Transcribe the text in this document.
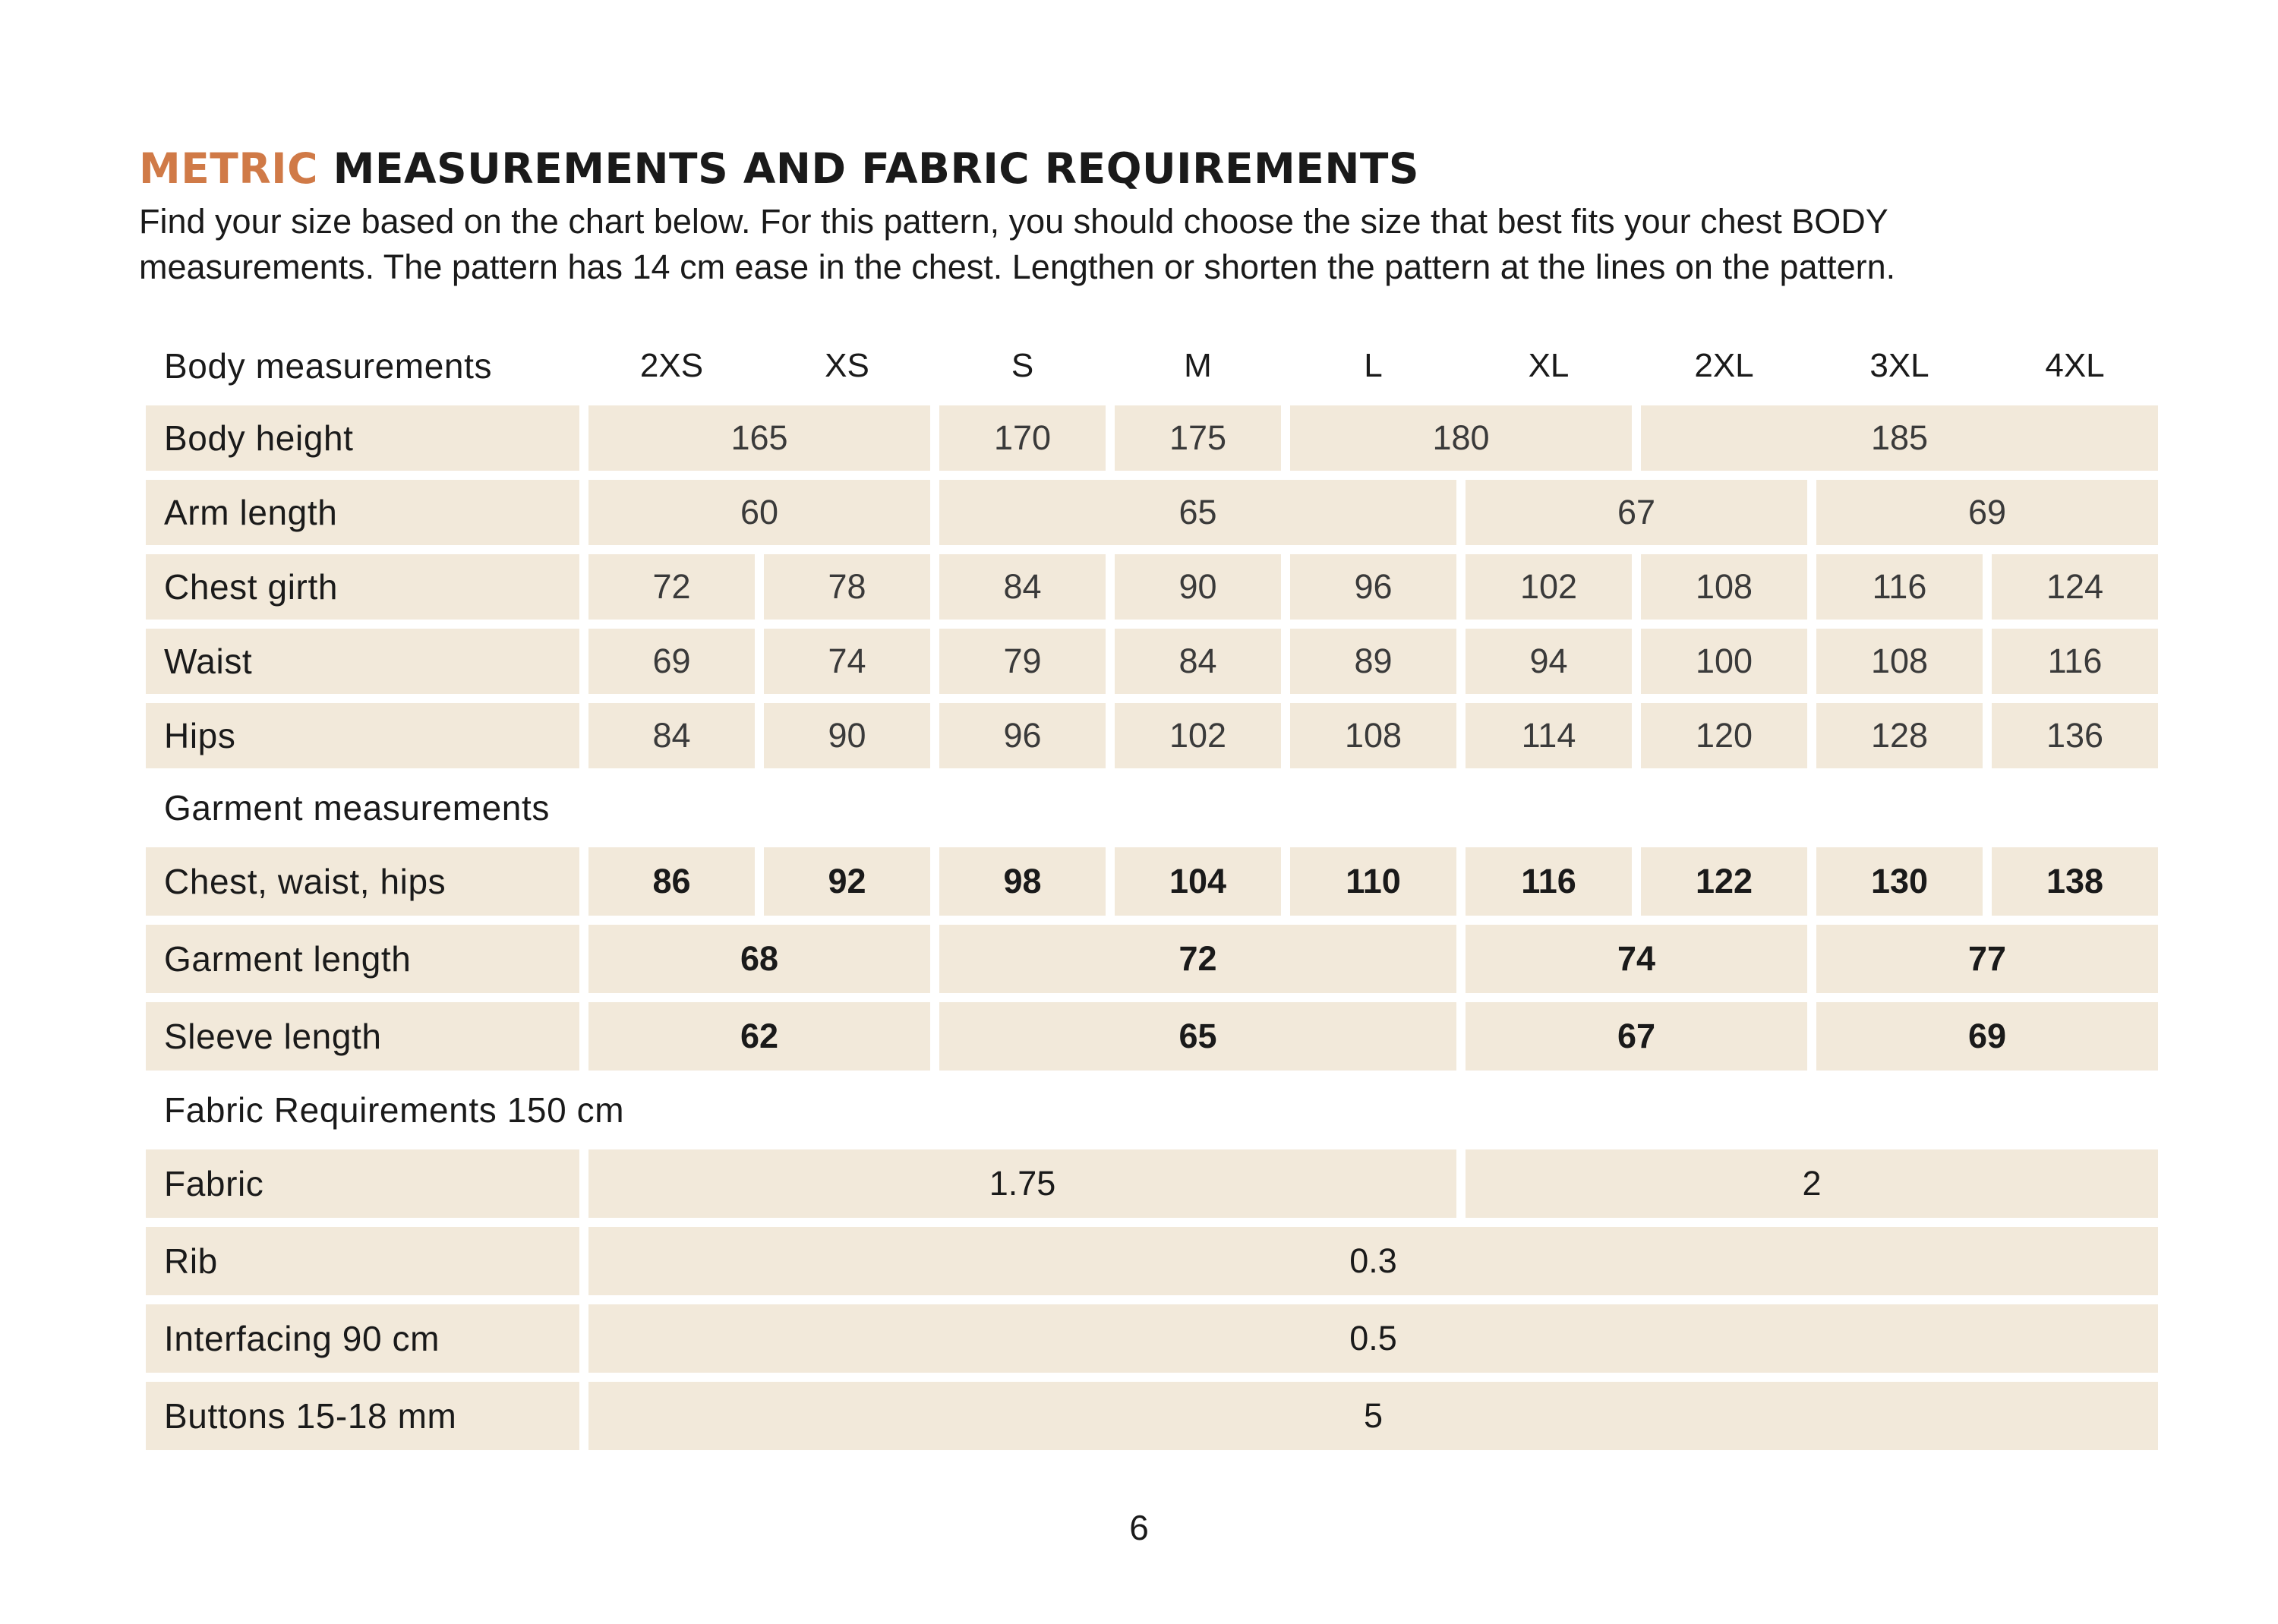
METRIC MEASUREMENTS AND FABRIC REQUIREMENTS

Find your size based on the chart below. For this pattern, you should choose the size that best fits your chest BODY
measurements. The pattern has 14 cm ease in the chest. Lengthen or shorten the pattern at the lines on the pattern.

Body measurements	2XS	XS	S	M	L	XL	2XL	3XL	4XL
Body height	165		170	175	180		185		
Arm length	60		65			67		69	
Chest girth	72	78	84	90	96	102	108	116	124
Waist	69	74	79	84	89	94	100	108	116
Hips	84	90	96	102	108	114	120	128	136
Garment measurements									
Chest, waist, hips	86	92	98	104	110	116	122	130	138
Garment length	68		72			74		77	
Sleeve length	62		65			67		69	
Fabric Requirements 150 cm									
Fabric	1.75					2			
Rib	0.3								
Interfacing 90 cm	0.5								
Buttons 15-18 mm	5								
6
